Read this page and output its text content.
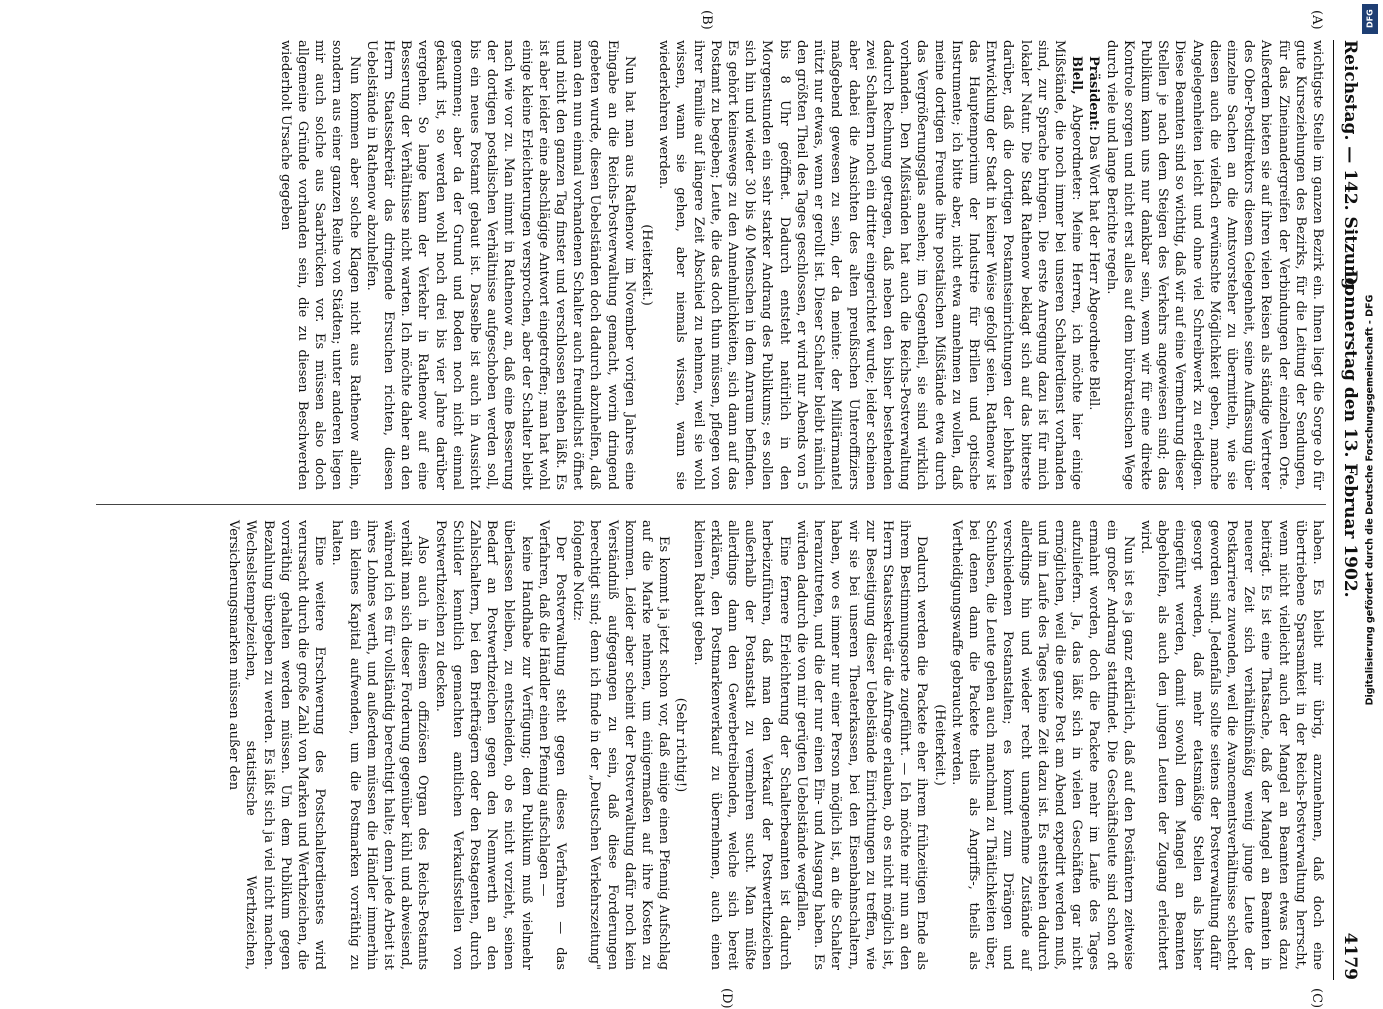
Reichstag. — 142. Sitzung.
Donnerstag den 13. Februar 1902.
4179
(A)
(B)
(C)
(D)

wichtigste Stelle im ganzen Bezirk ein. Ihnen liegt die Sorge ob für gute Kurseziehungen des Bezirks, für die Leitung der Sendungen, für das Zineinandergreifen der Verbindungen der einzelnen Orte. Außerdem bieten sie auf ihren vielen Reisen als ständige Vertreter des Ober-Postdirektors diesem Gelegenheit, seine Auffassung über einzelne Sachen an die Amtsvorsteher zu übermitteln, wie sie diesen auch die vielfach erwünschte Möglichkeit geben, manche Angelegenheiten leicht und ohne viel Schreibwerk zu erledigen. Diese Beamten sind so wichtig, daß wir auf eine Vermehrung dieser Stellen je nach dem Steigen des Verkehrs angewiesen sind; das Publikum kann uns nur dankbar sein, wenn wir für eine direkte Kontrole sorgen und nicht erst alles auf dem bürokratischen Wege durch viele und lange Berichte regeln.

Präsident: Das Wort hat der Herr Abgeordnete Blell.

Blell, Abgeordneter: Meine Herren, ich möchte hier einige Mißstände, die noch immer bei unseren Schalterdienst vorhanden sind, zur Sprache bringen. Die erste Anregung dazu ist für mich lokaler Natur. Die Stadt Rathenow beklagt sich auf das bitterste darüber, daß die dortigen Postamtseinrichtungen der lebhaften Entwicklung der Stadt in keiner Weise gefolgt seien. Rathenow ist das Hauptemporium der Industrie für Brillen und optische Instrumente; ich bitte aber, nicht etwa annehmen zu wollen, daß meine dortigen Freunde ihre postalischen Mißstände etwa durch das Vergrößerungsglas ansehen; im Gegentheil, sie sind wirklich vorhanden. Den Mißständen hat auch die Reichs-Postverwaltung dadurch Rechnung getragen, daß neben den bisher bestehenden zwei Schaltern noch ein dritter eingerichtet wurde; leider scheinen aber dabei die Ansichten des alten preußischen Unteroffiziers maßgebend gewesen zu sein, der da meinte: der Militärmantel nützt nur etwas, wenn er gerollt ist. Dieser Schalter bleibt nämlich den größten Theil des Tages geschlossen, er wird nur Abends von 5 bis 8 Uhr geöffnet. Dadurch entsteht natürlich in den Morgenstunden ein sehr starker Andrang des Publikums; es sollen sich hin und wieder 30 bis 40 Menschen in dem Anraum befinden. Es gehört keineswegs zu den Annehmlichkeiten, sich dann auf das Postamt zu begeben; Leute, die das doch thun müssen, pflegen von ihrer Familie auf längere Zeit Abschied zu nehmen, weil sie wohl wissen, wann sie gehen, aber niemals wissen, wann sie wiederkehren werden.

(Heiterkeit.)

Nun hat man aus Rathenow im November vorigen Jahres eine Eingabe an die Reichs-Postverwaltung gemacht, worin dringend gebeten wurde, diesen Uebelständen doch dadurch abzuhelfen, daß man den nun einmal vorhandenen Schalter auch freundlichst öffnet und nicht den ganzen Tag finster und verschlossen stehen läßt. Es ist aber leider eine abschlägige Antwort eingetroffen; man hat wohl einige kleine Erleichterungen versprochen, aber der Schalter bleibt nach wie vor zu. Man nimmt in Rathenow an, daß eine Besserung der dortigen postalischen Verhältnisse aufgeschoben werden soll, bis ein neues Postamt gebaut ist. Dasselbe ist auch in Aussicht genommen; aber da der Grund und Boden noch nicht einmal gekauft ist, so werden wohl noch drei bis vier Jahre darüber vergehen. So lange kann der Verkehr in Rathenow auf eine Besserung der Verhältnisse nicht warten. Ich möchte daher an den Herrn Staatssekretär das dringende Ersuchen richten, diesen Uebelstände in Rathenow abzuhelfen.

Nun kommen aber solche Klagen nicht aus Rathenow allein, sondern aus einer ganzen Reihe von Städten; unter anderen liegen mir auch solche aus Saarbrücken vor. Es müssen also doch allgemeine Gründe vorhanden sein, die zu diesen Beschwerden wiederholt Ursache gegeben

haben. Es bleibt mir übrig, anzunehmen, daß doch eine übertriebene Sparsamkeit in der Reichs-Postverwaltung herrscht, wenn nicht vielleicht auch der Mangel an Beamten etwas dazu beiträgt. Es ist eine Thatsache, daß der Mangel an Beamten in neuerer Zeit sich verhältnißmäßig wenig junge Leute der Postkarriere zuwenden, weil die Avancementsverhältnisse schlecht geworden sind. Jedenfalls sollte seitens der Postverwaltung dafür gesorgt werden, daß mehr etatsmäßige Stellen als bisher eingeführt werden, damit sowohl dem Mangel an Beamten abgeholfen, als auch den jungen Leuten der Zugang erleichtert wird.

Nun ist es ja ganz erklärlich, daß auf den Postämtern zeitweise ein großer Andrang stattfindet. Die Geschäftsleute sind schon oft ermahnt worden, doch die Packete mehr im Laufe des Tages aufzuliefern. Ja, das läßt sich in vielen Geschäften gar nicht ermöglichen, weil die ganze Post am Abend expedirt werden muß, und im Laufe des Tages keine Zeit dazu ist. Es entstehen dadurch allerdings hin und wieder recht unangenehme Zustände auf verschiedenen Postanstalten; es kommt zum Drängen und Schubsen, die Leute gehen auch manchmal zu Thätlichkeiten über, bei denen dann die Packete theils als Angriffs-, theils als Vertheidigungswaffe gebraucht werden.

(Heiterkeit.)

Dadurch werden die Packete eher ihrem frühzeitigen Ende als ihrem Bestimmungsorte zugeführt. — Ich möchte mir nun an den Herrn Staatssekretär die Anfrage erlauben, ob es nicht möglich ist, zur Beseitigung dieser Uebelstände Einrichtungen zu treffen, wie wir sie bei unseren Theaterkassen, bei den Eisenbahnschaltern, haben, wo es immer nur einer Person möglich ist, an die Schalter heranzutreten, und die der nur einen Ein- und Ausgang haben. Es würden dadurch die von mir gerügten Uebelstände wegfallen.

Eine fernere Erleichterung der Schalterbeamten ist dadurch herbeizuführen, daß man den Verkauf der Postwerthzeichen außerhalb der Postanstalt zu vermehren sucht. Man müßte allerdings dann den Gewerbetreibenden, welche sich bereit erklären, den Postmarkenverkauf zu übernehmen, auch einen kleinen Rabatt geben.

(Sehr richtig!)

Es kommt ja jetzt schon vor, daß einige einen Pfennig Aufschlag auf die Marke nehmen, um einigermaßen auf ihre Kosten zu kommen. Leider aber scheint der Postverwaltung dafür noch kein Verständniß aufgegangen zu sein, daß diese Forderungen berechtigt sind; denn ich finde in der „Deutschen Verkehrszeitung" folgende Notiz:

Der Postverwaltung steht gegen dieses Verfahren — das Verfahren, daß die Händler einen Pfennig aufschlagen —

keine Handhabe zur Verfügung; dem Publikum muß vielmehr überlassen bleiben, zu entscheiden, ob es nicht vorzieht, seinen Bedarf an Postwerthzeichen gegen den Nennwerth an den Zahlschaltern, bei den Briefträgern oder den Postagenten, durch Schilder kenntlich gemachten amtlichen Verkaufsstellen von Postwerthzeichen zu decken.

Also auch in diesem offiziösen Organ des Reichs-Postamts verhält man sich dieser Forderung gegenüber kühl und abweisend, während ich es für vollständig berechtigt halte; denn jede Arbeit ist ihres Lohnes werth, und außerdem müssen die Händler immerhin ein kleines Kapital aufwenden, um die Postmarken vorräthig zu halten.

Eine weitere Erschwerung des Postschalterdienstes wird verursacht durch die große Zahl von Marken und Werthzeichen, die vorräthig gehalten werden müssen. Um dem Publikum gegen Bezahlung übergeben zu werden. Es läßt sich ja viel nicht machen. Wechselstempelzeichen, statistische Werthzeichen, Versicherungsmarken müssen außer den

DFG
Digitalisierung gefördert durch die Deutsche Forschungsgemeinschaft - DFG
